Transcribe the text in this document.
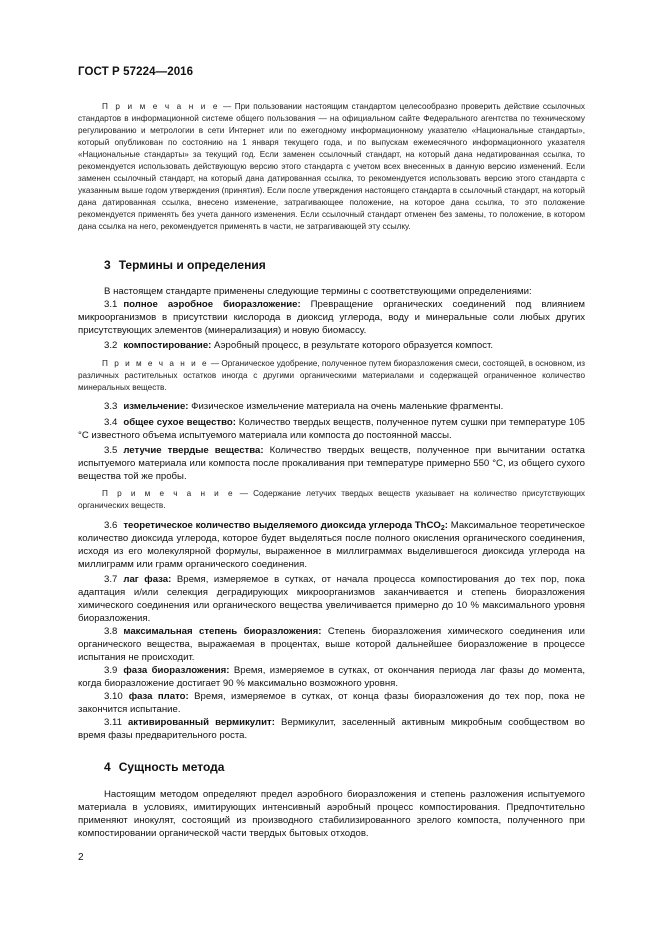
ГОСТ Р 57224—2016
П р и м е ч а н и е — При пользовании настоящим стандартом целесообразно проверить действие ссылочных стандартов в информационной системе общего пользования — на официальном сайте Федерального агентства по техническому регулированию и метрологии в сети Интернет или по ежегодному информационному указателю «Национальные стандарты», который опубликован по состоянию на 1 января текущего года, и по выпускам ежемесячного информационного указателя «Национальные стандарты» за текущий год. Если заменен ссылочный стандарт, на который дана недатированная ссылка, то рекомендуется использовать действующую версию этого стандарта с учетом всех внесенных в данную версию изменений. Если заменен ссылочный стандарт, на который дана датированная ссылка, то рекомендуется использовать версию этого стандарта с указанным выше годом утверждения (принятия). Если после утверждения настоящего стандарта в ссылочный стандарт, на который дана датированная ссылка, внесено изменение, затрагивающее положение, на которое дана ссылка, то это положение рекомендуется применять без учета данного изменения. Если ссылочный стандарт отменен без замены, то положение, в котором дана ссылка на него, рекомендуется применять в части, не затрагивающей эту ссылку.
3 Термины и определения
В настоящем стандарте применены следующие термины с соответствующими определениями:
3.1 полное аэробное биоразложение: Превращение органических соединений под влиянием микроорганизмов в присутствии кислорода в диоксид углерода, воду и минеральные соли любых других присутствующих элементов (минерализация) и новую биомассу.
3.2 компостирование: Аэробный процесс, в результате которого образуется компост.
П р и м е ч а н и е — Органическое удобрение, полученное путем биоразложения смеси, состоящей, в основном, из различных растительных остатков иногда с другими органическими материалами и содержащей ограниченное количество минеральных веществ.
3.3 измельчение: Физическое измельчение материала на очень маленькие фрагменты.
3.4 общее сухое вещество: Количество твердых веществ, полученное путем сушки при температуре 105 °С известного объема испытуемого материала или компоста до постоянной массы.
3.5 летучие твердые вещества: Количество твердых веществ, полученное при вычитании остатка испытуемого материала или компоста после прокаливания при температуре примерно 550 °С, из общего сухого вещества той же пробы.
П р и м е ч а н и е — Содержание летучих твердых веществ указывает на количество присутствующих органических веществ.
3.6 теоретическое количество выделяемого диоксида углерода ThCO$_2$: Максимальное теоретическое количество диоксида углерода, которое будет выделяться после полного окисления органического соединения, исходя из его молекулярной формулы, выраженное в миллиграммах выделившегося диоксида углерода на миллиграмм или грамм органического соединения.
3.7 лаг фаза: Время, измеряемое в сутках, от начала процесса компостирования до тех пор, пока адаптация и/или селекция деградирующих микроорганизмов заканчивается и степень биоразложения химического соединения или органического вещества увеличивается примерно до 10 % максимального уровня биоразложения.
3.8 максимальная степень биоразложения: Степень биоразложения химического соединения или органического вещества, выражаемая в процентах, выше которой дальнейшее биоразложение в процессе испытания не происходит.
3.9 фаза биоразложения: Время, измеряемое в сутках, от окончания периода лаг фазы до момента, когда биоразложение достигает 90 % максимально возможного уровня.
3.10 фаза плато: Время, измеряемое в сутках, от конца фазы биоразложения до тех пор, пока не закончится испытание.
3.11 активированный вермикулит: Вермикулит, заселенный активным микробным сообществом во время фазы предварительного роста.
4 Сущность метода
Настоящим методом определяют предел аэробного биоразложения и степень разложения испытуемого материала в условиях, имитирующих интенсивный аэробный процесс компостирования. Предпочтительно применяют инокулят, состоящий из производного стабилизированного зрелого компоста, полученного при компостировании органической части твердых бытовых отходов.
2
